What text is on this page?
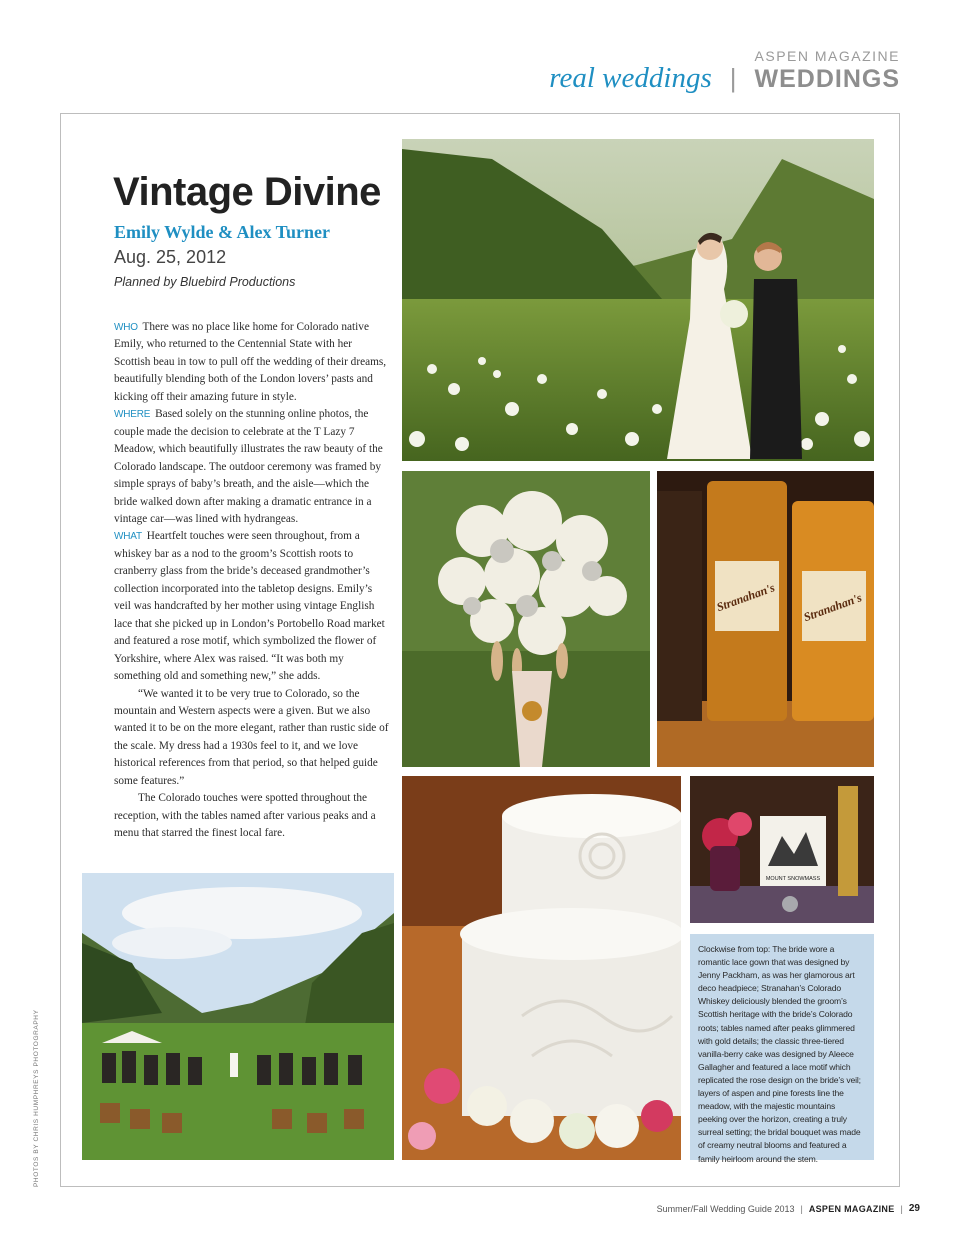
ASPEN MAGAZINE
real weddings | WEDDINGS
Vintage Divine
Emily Wylde & Alex Turner
Aug. 25, 2012
Planned by Bluebird Productions

WHO There was no place like home for Colorado native Emily, who returned to the Centennial State with her Scottish beau in tow to pull off the wedding of their dreams, beautifully blending both of the London lovers’ pasts and kicking off their amazing future in style.

WHERE Based solely on the stunning online photos, the couple made the decision to celebrate at the T Lazy 7 Meadow, which beautifully illustrates the raw beauty of the Colorado landscape. The outdoor ceremony was framed by simple sprays of baby’s breath, and the aisle—which the bride walked down after making a dramatic entrance in a vintage car—was lined with hydrangeas.

WHAT Heartfelt touches were seen throughout, from a whiskey bar as a nod to the groom’s Scottish roots to cranberry glass from the bride’s deceased grandmother’s collection incorporated into the tabletop designs. Emily’s veil was handcrafted by her mother using vintage English lace that she picked up in London’s Portobello Road market and featured a rose motif, which symbolized the flower of Yorkshire, where Alex was raised. “It was both my something old and something new,” she adds.

“We wanted it to be very true to Colorado, so the mountain and Western aspects were a given. But we also wanted it to be on the more elegant, rather than rustic side of the scale. My dress had a 1930s feel to it, and we love historical references from that period, so that helped guide some features.”

The Colorado touches were spotted throughout the reception, with the tables named after various peaks and a menu that starred the finest local fare.

Stranahan's Stranahan's
MOUNT SNOWMASS

Clockwise from top: The bride wore a romantic lace gown that was designed by Jenny Packham, as was her glamorous art deco headpiece; Stranahan’s Colorado Whiskey deliciously blended the groom’s Scottish heritage with the bride’s Colorado roots; tables named after peaks glimmered with gold details; the classic three-tiered vanilla-berry cake was designed by Aleece Gallagher and featured a lace motif which replicated the rose design on the bride’s veil; layers of aspen and pine forests line the meadow, with the majestic mountains peeking over the horizon, creating a truly surreal setting; the bridal bouquet was made of creamy neutral blooms and featured a family heirloom around the stem.

PHOTOS BY CHRIS HUMPHREYS PHOTOGRAPHY
Summer/Fall Wedding Guide 2013 | ASPEN MAGAZINE | 29
